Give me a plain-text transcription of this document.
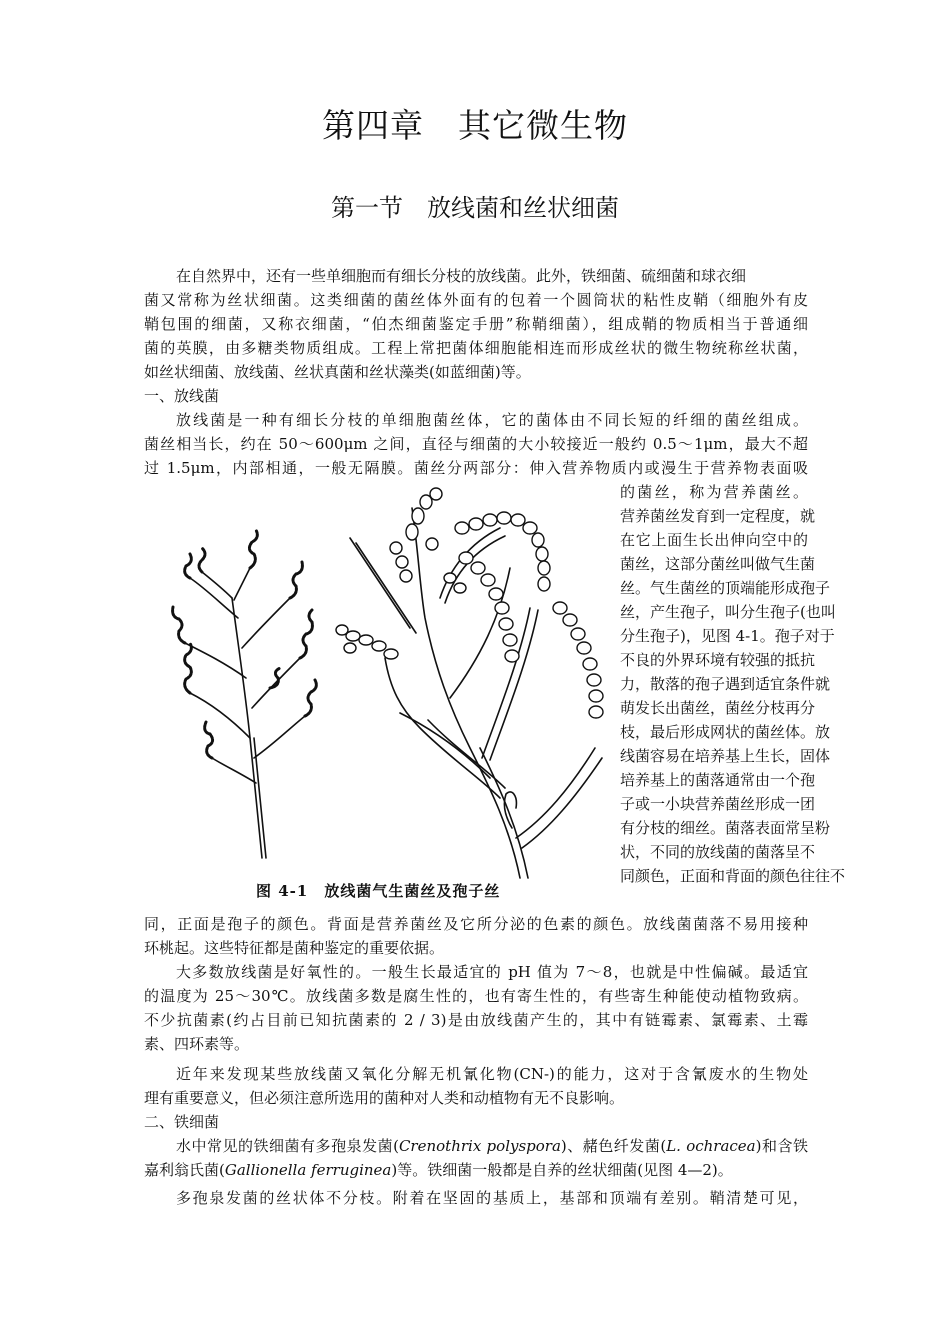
第四章　其它微生物
第一节　放线菌和丝状细菌
在自然界中，还有一些单细胞而有细长分枝的放线菌。此外，铁细菌、硫细菌和球衣细
菌又常称为丝状细菌。这类细菌的菌丝体外面有的包着一个圆筒状的粘性皮鞘（细胞外有皮
鞘包围的细菌，又称衣细菌，“伯杰细菌鉴定手册”称鞘细菌），组成鞘的物质相当于普通细
菌的英膜，由多糖类物质组成。工程上常把菌体细胞能相连而形成丝状的微生物统称丝状菌，
如丝状细菌、放线菌、丝状真菌和丝状藻类(如蓝细菌)等。
一、放线菌
放线菌是一种有细长分枝的单细胞菌丝体，它的菌体由不同长短的纤细的菌丝组成。
菌丝相当长，约在 50～600μm 之间，直径与细菌的大小较接近一般约 0.5～1μm，最大不超
过 1.5μm，内部相通，一般无隔膜。菌丝分两部分：伸入营养物质内或漫生于营养物表面吸
的菌丝，称为营养菌丝。
营养菌丝发育到一定程度，就
在它上面生长出伸向空中的
菌丝，这部分菌丝叫做气生菌
丝。气生菌丝的顶端能形成孢子
丝，产生孢子，叫分生孢子(也叫
分生孢子)，见图 4-1。孢子对于
不良的外界环境有较强的抵抗
力，散落的孢子遇到适宜条件就
萌发长出菌丝，菌丝分枝再分
枝，最后形成网状的菌丝体。放
线菌容易在培养基上生长，固体
培养基上的菌落通常由一个孢
子或一小块营养菌丝形成一团
有分枝的细丝。菌落表面常呈粉
状，不同的放线菌的菌落呈不
同颜色，正面和背面的颜色往往不
图 4-1　放线菌气生菌丝及孢子丝
同，正面是孢子的颜色。背面是营养菌丝及它所分泌的色素的颜色。放线菌菌落不易用接种
环桃起。这些特征都是菌种鉴定的重要依据。
大多数放线菌是好氧性的。一般生长最适宜的 pH 值为 7～8，也就是中性偏碱。最适宜
的温度为 25～30℃。放线菌多数是腐生性的，也有寄生性的，有些寄生种能使动植物致病。
不少抗菌素(约占目前已知抗菌素的 2 / 3)是由放线菌产生的，其中有链霉素、氯霉素、土霉
素、四环素等。
近年来发现某些放线菌又氧化分解无机氰化物(CN-)的能力，这对于含氰废水的生物处
理有重要意义，但必须注意所选用的菌种对人类和动植物有无不良影响。
二、铁细菌
水中常见的铁细菌有多孢泉发菌(Crenothrix polyspora)、赭色纤发菌(L. ochracea)和含铁
嘉利翁氏菌(Gallionella ferruginea)等。铁细菌一般都是自养的丝状细菌(见图 4—2)。
多孢泉发菌的丝状体不分枝。附着在坚固的基质上，基部和顶端有差别。鞘清楚可见，
